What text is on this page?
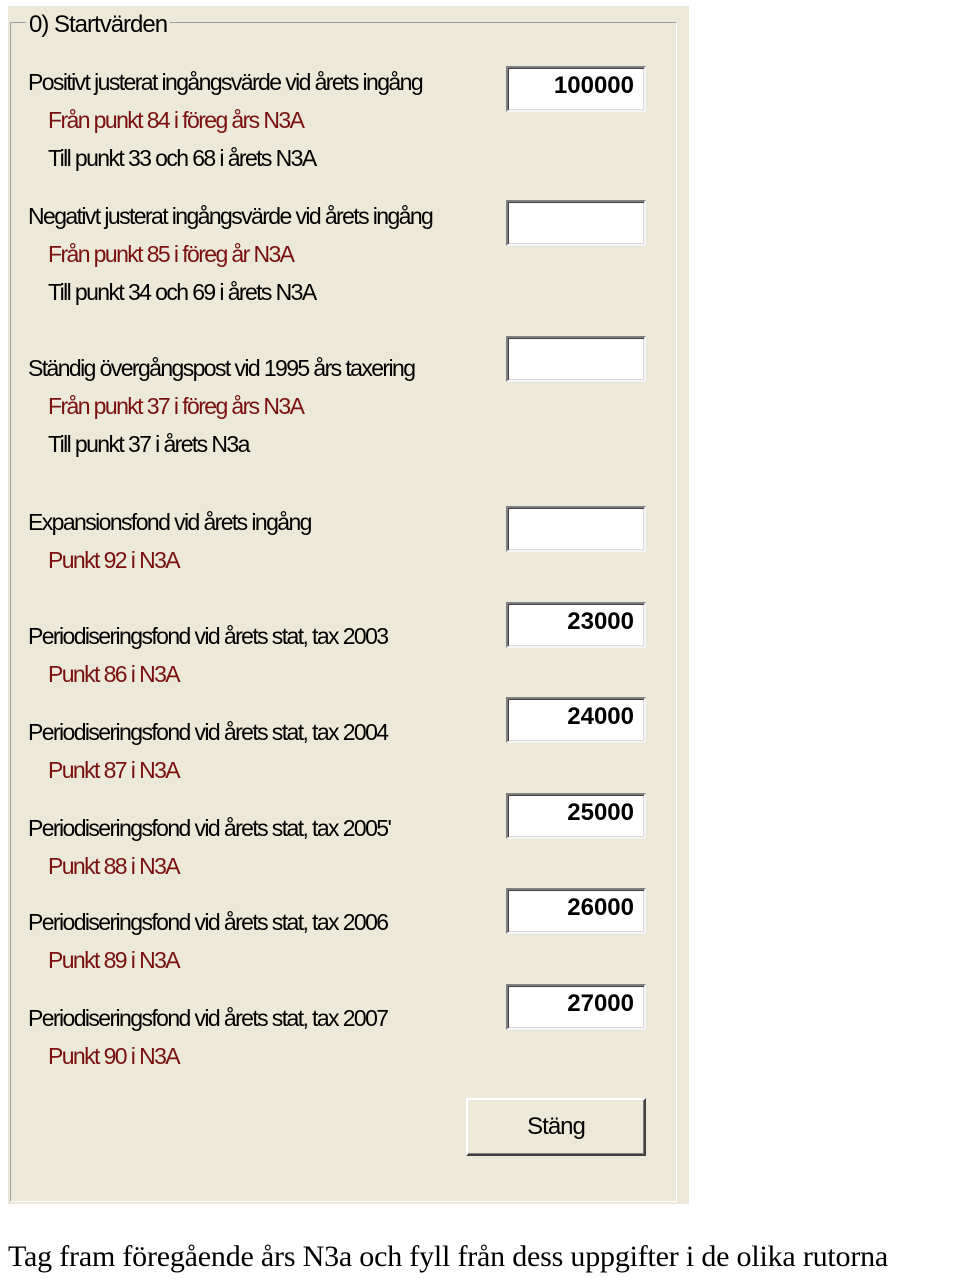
0) Startvärden
Positivt justerat ingångsvärde vid årets ingång
Från punkt 84 i föreg års N3A
Till punkt 33 och 68 i årets N3A
100000
Negativt justerat ingångsvärde vid årets ingång
Från punkt 85 i föreg år N3A
Till punkt 34 och 69 i årets N3A
Ständig övergångspost vid 1995 års taxering
Från punkt 37 i föreg års N3A
Till punkt 37 i årets N3a
Expansionsfond vid årets ingång
Punkt 92 i N3A
Periodiseringsfond vid årets stat, tax 2003
Punkt 86 i N3A
23000
Periodiseringsfond vid årets stat, tax 2004
Punkt 87 i N3A
24000
Periodiseringsfond vid årets stat, tax 2005'
Punkt 88 i N3A
25000
Periodiseringsfond vid årets stat, tax 2006
Punkt 89 i N3A
26000
Periodiseringsfond vid årets stat, tax 2007
Punkt 90 i N3A
27000
Stäng
Tag fram föregående års N3a och fyll från dess uppgifter i de olika rutorna
